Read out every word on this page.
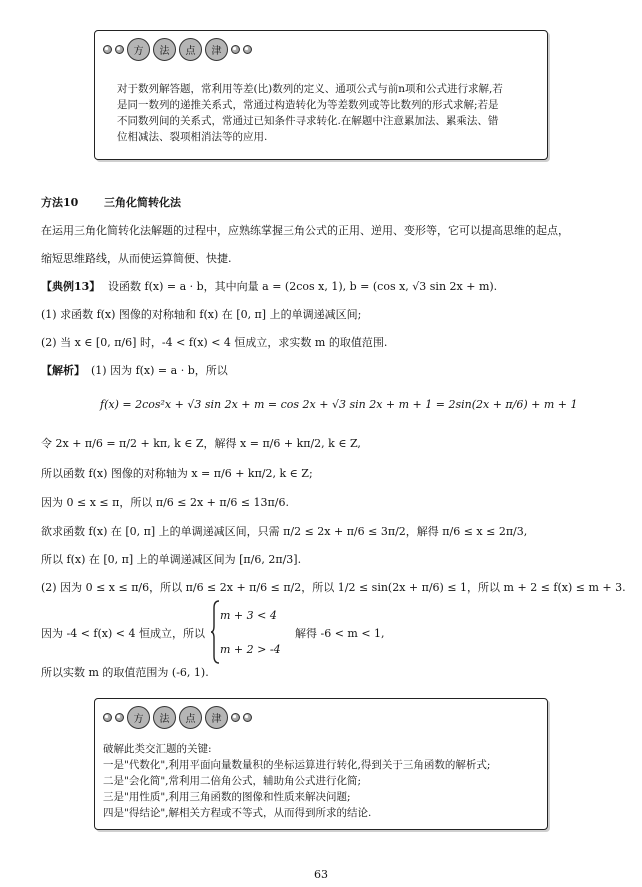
方	法	点	津
对于数列解答题，常利用等差(比)数列的定义、通项公式与前n项和公式进行求解,若
是同一数列的递推关系式，常通过构造转化为等差数列或等比数列的形式求解;若是
不同数列间的关系式，常通过已知条件寻求转化.在解题中注意累加法、累乘法、错
位相减法、裂项相消法等的应用.
方法10 三角化简转化法
在运用三角化简转化法解题的过程中，应熟练掌握三角公式的正用、逆用、变形等，它可以提高思维的起点，
缩短思维路线，从而使运算简便、快捷.
【典例13】 设函数 f(x) = a · b，其中向量 a = (2cos x, 1), b = (cos x, √3 sin 2x + m).
(1) 求函数 f(x) 图像的对称轴和 f(x) 在 [0, π] 上的单调递减区间;
(2) 当 x ∈ [0, π/6] 时，-4 < f(x) < 4 恒成立，求实数 m 的取值范围.
【解析】 (1) 因为 f(x) = a · b，所以
f(x) = 2cos²x + √3 sin 2x + m = cos 2x + √3 sin 2x + m + 1 = 2sin(2x + π/6) + m + 1
令 2x + π/6 = π/2 + kπ, k ∈ Z，解得 x = π/6 + kπ/2, k ∈ Z,
所以函数 f(x) 图像的对称轴为 x = π/6 + kπ/2, k ∈ Z;
因为 0 ≤ x ≤ π，所以 π/6 ≤ 2x + π/6 ≤ 13π/6.
欲求函数 f(x) 在 [0, π] 上的单调递减区间，只需 π/2 ≤ 2x + π/6 ≤ 3π/2，解得 π/6 ≤ x ≤ 2π/3,
所以 f(x) 在 [0, π] 上的单调递减区间为 [π/6, 2π/3].
(2) 因为 0 ≤ x ≤ π/6，所以 π/6 ≤ 2x + π/6 ≤ π/2，所以 1/2 ≤ sin(2x + π/6) ≤ 1，所以 m + 2 ≤ f(x) ≤ m + 3.
因为 -4 < f(x) < 4 恒成立，所以
m + 3 < 4
m + 2 > -4
解得 -6 < m < 1,
所以实数 m 的取值范围为 (-6, 1).
方	法	点	津
破解此类交汇题的关键:
一是"代数化",利用平面向量数量积的坐标运算进行转化,得到关于三角函数的解析式;
二是"会化简",常利用二倍角公式，辅助角公式进行化简;
三是"用性质",利用三角函数的图像和性质来解决问题;
四是"得结论",解相关方程或不等式，从而得到所求的结论.
63
